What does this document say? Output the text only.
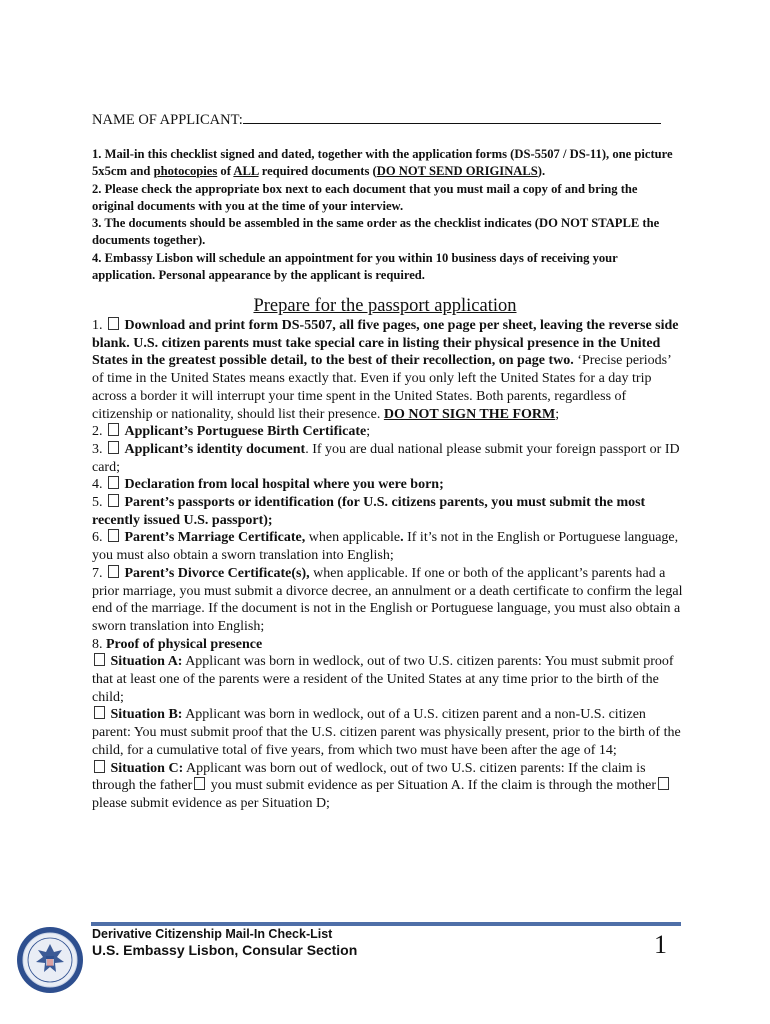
NAME OF APPLICANT:

1. Mail-in this checklist signed and dated, together with the application forms (DS-5507 / DS-11), one picture 5x5cm and photocopies of ALL required documents (DO NOT SEND ORIGINALS).

2. Please check the appropriate box next to each document that you must mail a copy of and bring the original documents with you at the time of your interview.

3. The documents should be assembled in the same order as the checklist indicates (DO NOT STAPLE the documents together).

4. Embassy Lisbon will schedule an appointment for you within 10 business days of receiving your application. Personal appearance by the applicant is required.

Prepare for the passport application

1. Download and print form DS-5507, all five pages, one page per sheet, leaving the reverse side blank. U.S. citizen parents must take special care in listing their physical presence in the United States in the greatest possible detail, to the best of their recollection, on page two. ‘Precise periods’ of time in the United States means exactly that. Even if you only left the United States for a day trip across a border it will interrupt your time spent in the United States. Both parents, regardless of citizenship or nationality, should list their presence. DO NOT SIGN THE FORM;

2. Applicant’s Portuguese Birth Certificate;

3. Applicant’s identity document. If you are dual national please submit your foreign passport or ID card;

4. Declaration from local hospital where you were born;

5. Parent’s passports or identification (for U.S. citizens parents, you must submit the most recently issued U.S. passport);

6. Parent’s Marriage Certificate, when applicable. If it’s not in the English or Portuguese language, you must also obtain a sworn translation into English;

7. Parent’s Divorce Certificate(s), when applicable. If one or both of the applicant’s parents had a prior marriage, you must submit a divorce decree, an annulment or a death certificate to confirm the legal end of the marriage. If the document is not in the English or Portuguese language, you must also obtain a sworn translation into English;

8. Proof of physical presence

Situation A: Applicant was born in wedlock, out of two U.S. citizen parents: You must submit proof that at least one of the parents were a resident of the United States at any time prior to the birth of the child;

Situation B: Applicant was born in wedlock, out of a U.S. citizen parent and a non-U.S. citizen parent: You must submit proof that the U.S. citizen parent was physically present, prior to the birth of the child, for a cumulative total of five years, from which two must have been after the age of 14;

Situation C: Applicant was born out of wedlock, out of two U.S. citizen parents: If the claim is through the father you must submit evidence as per Situation A. If the claim is through the mother please submit evidence as per Situation D;

Derivative Citizenship Mail-In Check-List
U.S. Embassy Lisbon, Consular Section	1
